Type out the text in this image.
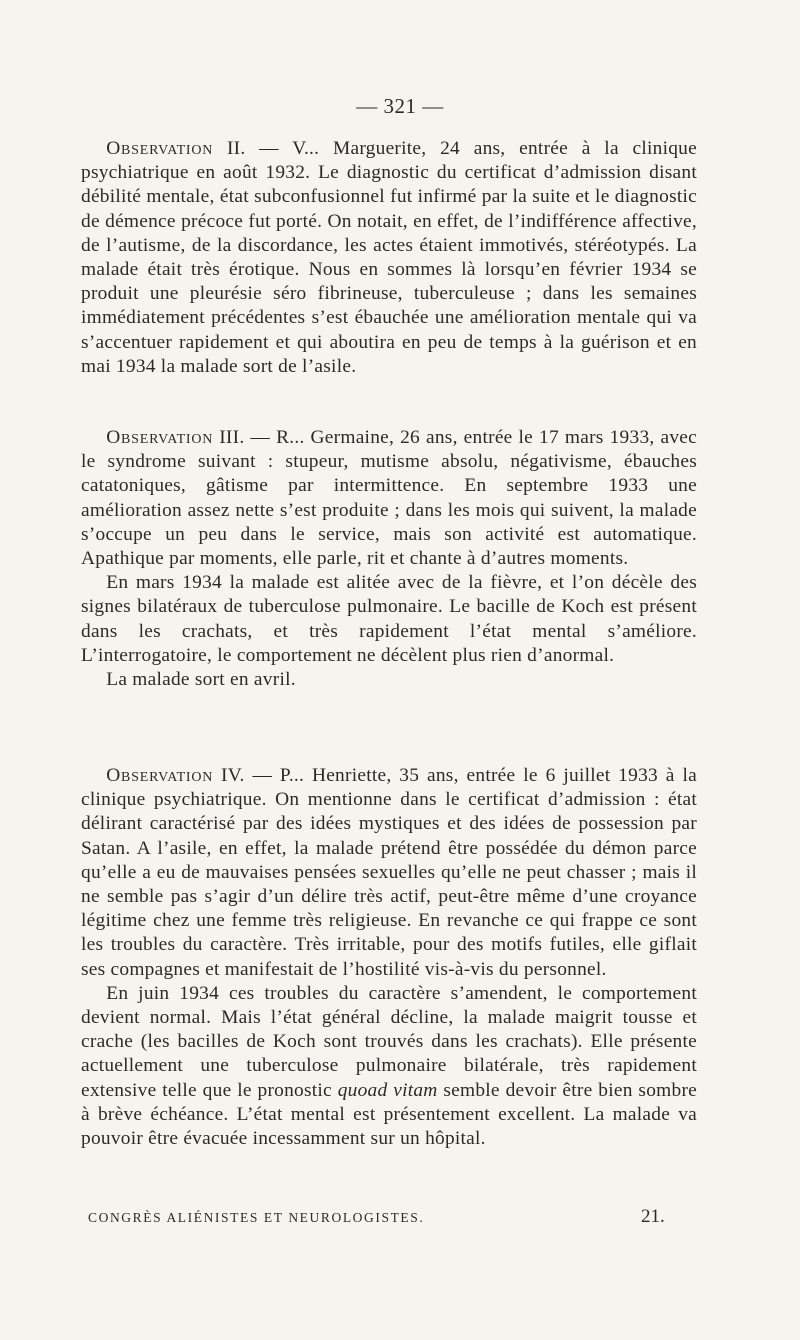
— 321 —

Observation II. — V... Marguerite, 24 ans, entrée à la clinique psychiatrique en août 1932. Le diagnostic du certificat d’admission disant débilité mentale, état subconfusionnel fut infirmé par la suite et le diagnostic de démence précoce fut porté. On notait, en effet, de l’indifférence affective, de l’autisme, de la discordance, les actes étaient immotivés, stéréotypés. La malade était très érotique. Nous en sommes là lorsqu’en février 1934 se produit une pleurésie séro fibrineuse, tuberculeuse ; dans les semaines immédiatement précédentes s’est ébauchée une amélioration mentale qui va s’accentuer rapidement et qui aboutira en peu de temps à la guérison et en mai 1934 la malade sort de l’asile.

Observation III. — R... Germaine, 26 ans, entrée le 17 mars 1933, avec le syndrome suivant : stupeur, mutisme absolu, négativisme, ébauches catatoniques, gâtisme par intermittence. En septembre 1933 une amélioration assez nette s’est produite ; dans les mois qui suivent, la malade s’occupe un peu dans le service, mais son activité est automatique. Apathique par moments, elle parle, rit et chante à d’autres moments.

En mars 1934 la malade est alitée avec de la fièvre, et l’on décèle des signes bilatéraux de tuberculose pulmonaire. Le bacille de Koch est présent dans les crachats, et très rapidement l’état mental s’améliore. L’interrogatoire, le comportement ne décèlent plus rien d’anormal.

La malade sort en avril.

Observation IV. — P... Henriette, 35 ans, entrée le 6 juillet 1933 à la clinique psychiatrique. On mentionne dans le certificat d’admission : état délirant caractérisé par des idées mystiques et des idées de possession par Satan. A l’asile, en effet, la malade prétend être possédée du démon parce qu’elle a eu de mauvaises pensées sexuelles qu’elle ne peut chasser ; mais il ne semble pas s’agir d’un délire très actif, peut-être même d’une croyance légitime chez une femme très religieuse. En revanche ce qui frappe ce sont les troubles du caractère. Très irritable, pour des motifs futiles, elle giflait ses compagnes et manifestait de l’hostilité vis-à-vis du personnel.

En juin 1934 ces troubles du caractère s’amendent, le comportement devient normal. Mais l’état général décline, la malade maigrit tousse et crache (les bacilles de Koch sont trouvés dans les crachats). Elle présente actuellement une tuberculose pulmonaire bilatérale, très rapidement extensive telle que le pronostic quoad vitam semble devoir être bien sombre à brève échéance. L’état mental est présentement excellent. La malade va pouvoir être évacuée incessamment sur un hôpital.

CONGRÈS ALIÉNISTES ET NEUROLOGISTES.	21.
